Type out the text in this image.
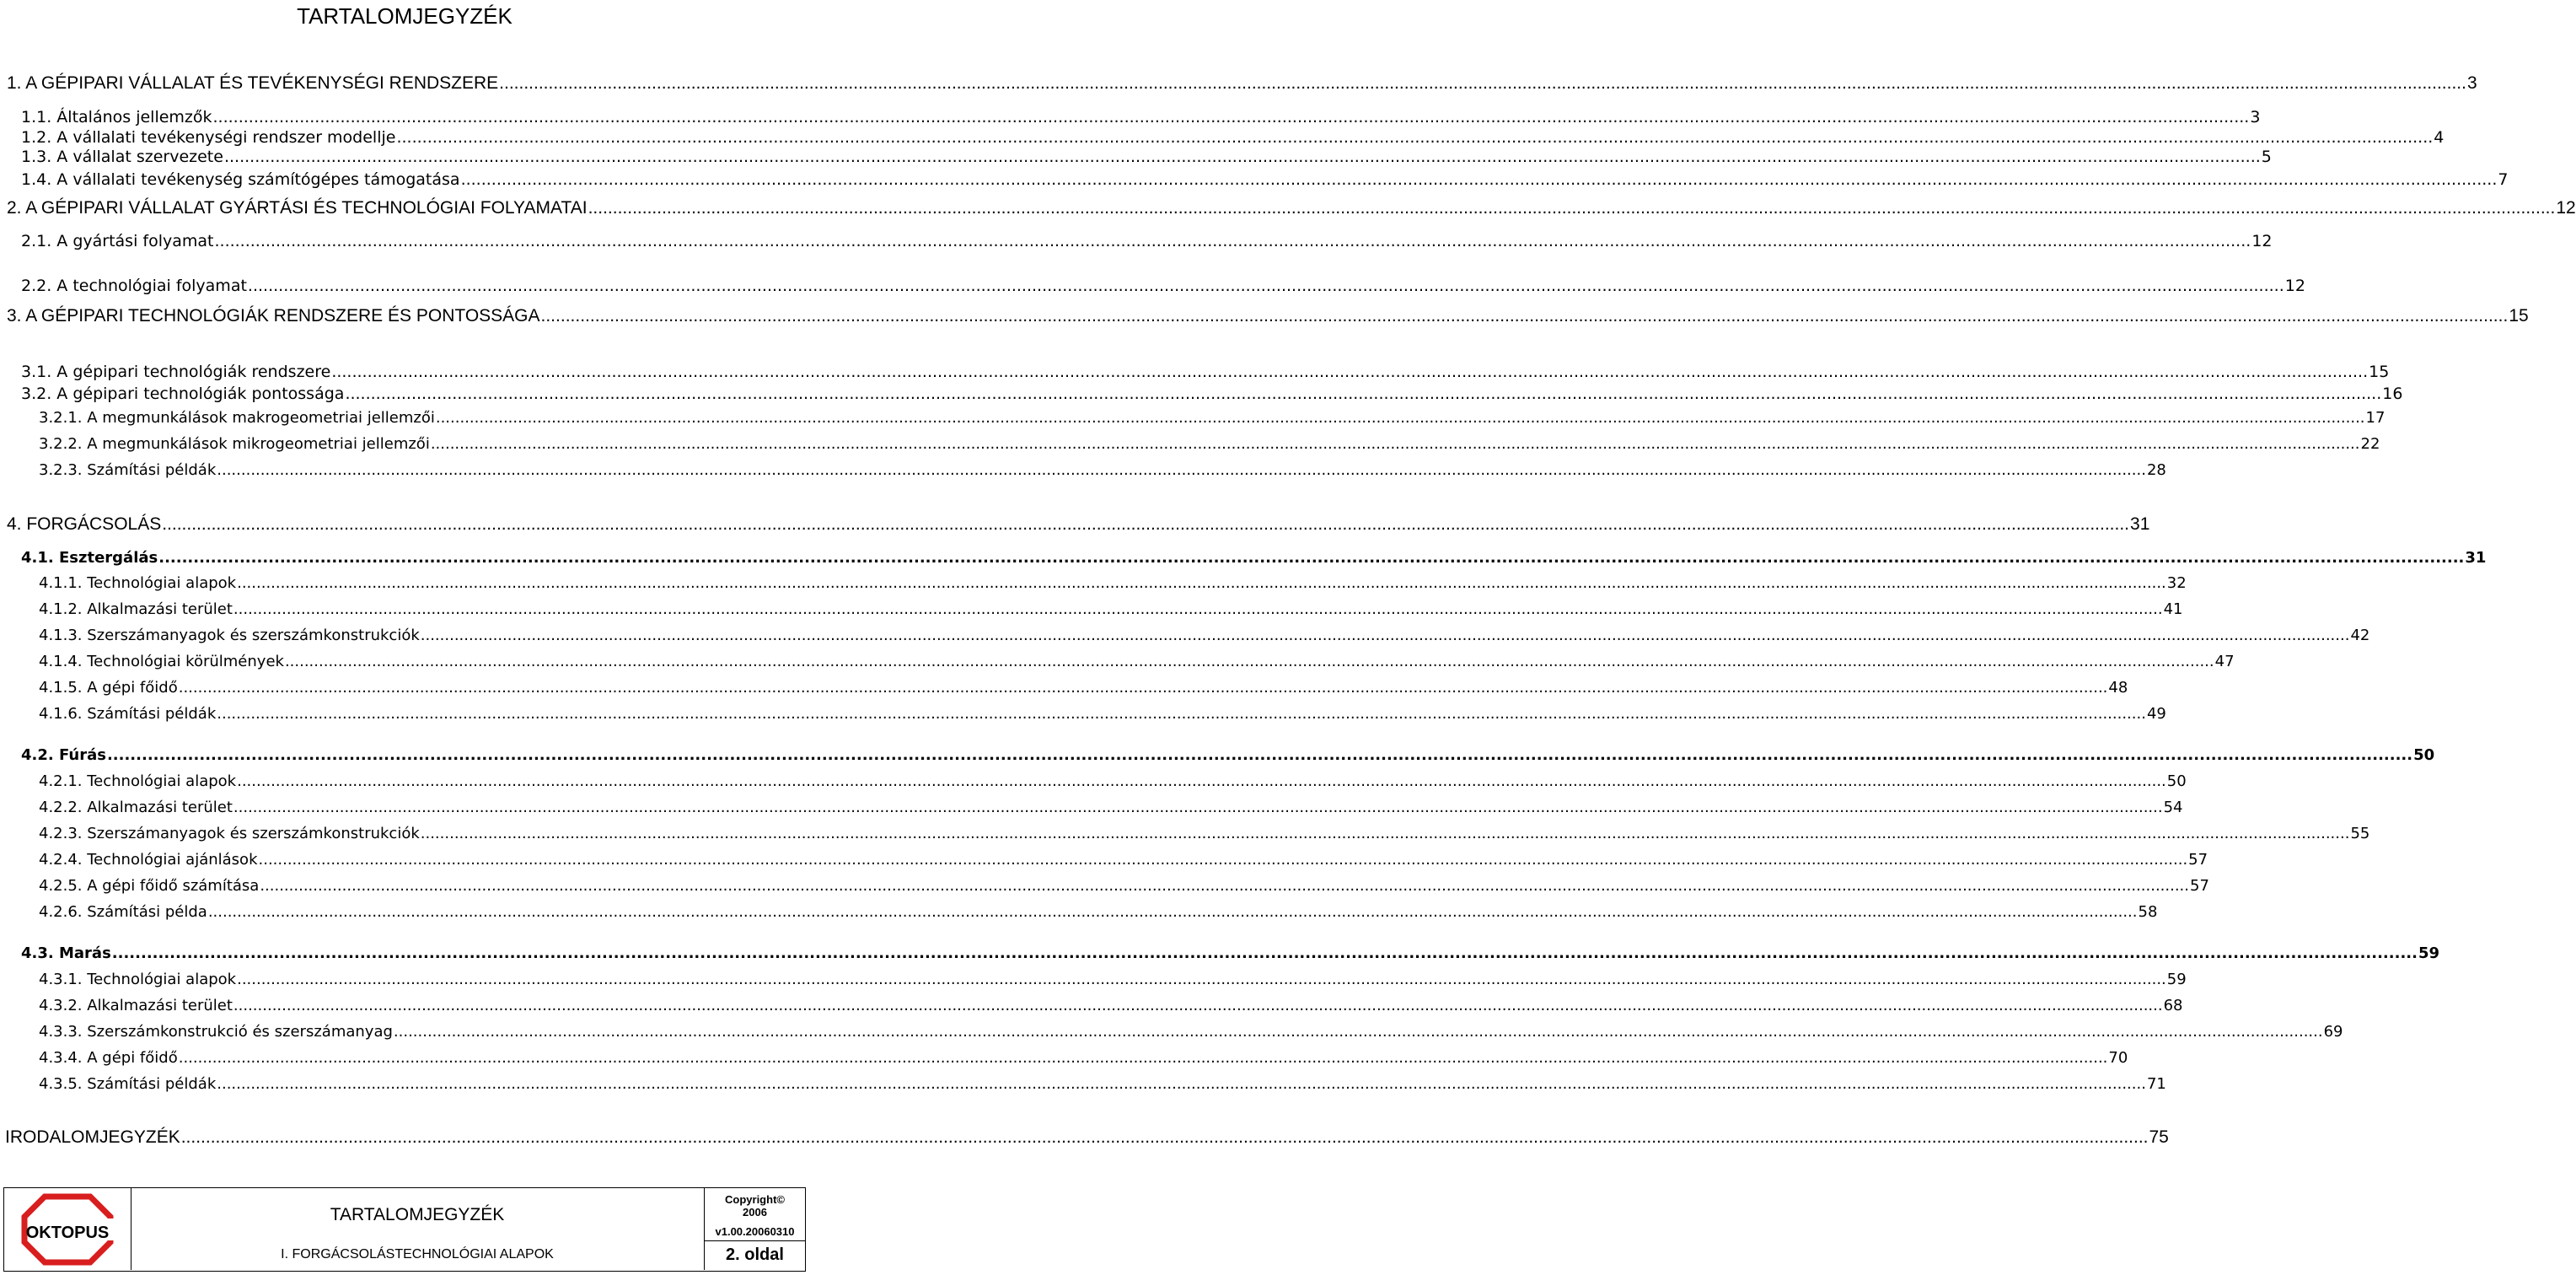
TARTALOMJEGYZÉK
1. A GÉPIPARI VÁLLALAT ÉS TEVÉKENYSÉGI RENDSZERE ................................................................................................................................................................................................................................................................................................................................................................................................................ 3
1.1. Általános jellemzők ................................................................................................................................................................................................................................................................................................................................................................................................................ 3
1.2. A vállalati tevékenységi rendszer modellje ................................................................................................................................................................................................................................................................................................................................................................................................................ 4
1.3. A vállalat szervezete ................................................................................................................................................................................................................................................................................................................................................................................................................ 5
1.4. A vállalati tevékenység számítógépes támogatása ................................................................................................................................................................................................................................................................................................................................................................................................................ 7
2. A GÉPIPARI VÁLLALAT GYÁRTÁSI ÉS TECHNOLÓGIAI FOLYAMATAI ................................................................................................................................................................................................................................................................................................................................................................................................................ 12
2.1. A gyártási folyamat ................................................................................................................................................................................................................................................................................................................................................................................................................ 12
2.2. A technológiai folyamat ................................................................................................................................................................................................................................................................................................................................................................................................................ 12
3. A GÉPIPARI TECHNOLÓGIÁK RENDSZERE ÉS PONTOSSÁGA ................................................................................................................................................................................................................................................................................................................................................................................................................ 15
3.1. A gépipari technológiák rendszere ................................................................................................................................................................................................................................................................................................................................................................................................................ 15
3.2. A gépipari technológiák pontossága ................................................................................................................................................................................................................................................................................................................................................................................................................ 16
3.2.1. A megmunkálások makrogeometriai jellemzői ................................................................................................................................................................................................................................................................................................................................................................................................................ 17
3.2.2. A megmunkálások mikrogeometriai jellemzői ................................................................................................................................................................................................................................................................................................................................................................................................................ 22
3.2.3. Számítási példák ................................................................................................................................................................................................................................................................................................................................................................................................................ 28
4. FORGÁCSOLÁS ................................................................................................................................................................................................................................................................................................................................................................................................................ 31
4.1. Esztergálás ................................................................................................................................................................................................................................................................................................................................................................................................................ 31
4.1.1. Technológiai alapok ................................................................................................................................................................................................................................................................................................................................................................................................................ 32
4.1.2. Alkalmazási terület ................................................................................................................................................................................................................................................................................................................................................................................................................ 41
4.1.3. Szerszámanyagok és szerszámkonstrukciók ................................................................................................................................................................................................................................................................................................................................................................................................................ 42
4.1.4. Technológiai körülmények ................................................................................................................................................................................................................................................................................................................................................................................................................ 47
4.1.5. A gépi főidő ................................................................................................................................................................................................................................................................................................................................................................................................................ 48
4.1.6. Számítási példák ................................................................................................................................................................................................................................................................................................................................................................................................................ 49
4.2. Fúrás ................................................................................................................................................................................................................................................................................................................................................................................................................ 50
4.2.1. Technológiai alapok ................................................................................................................................................................................................................................................................................................................................................................................................................ 50
4.2.2. Alkalmazási terület ................................................................................................................................................................................................................................................................................................................................................................................................................ 54
4.2.3. Szerszámanyagok és szerszámkonstrukciók ................................................................................................................................................................................................................................................................................................................................................................................................................ 55
4.2.4. Technológiai ajánlások ................................................................................................................................................................................................................................................................................................................................................................................................................ 57
4.2.5. A gépi főidő számítása ................................................................................................................................................................................................................................................................................................................................................................................................................ 57
4.2.6. Számítási példa ................................................................................................................................................................................................................................................................................................................................................................................................................ 58
4.3. Marás ................................................................................................................................................................................................................................................................................................................................................................................................................ 59
4.3.1. Technológiai alapok ................................................................................................................................................................................................................................................................................................................................................................................................................ 59
4.3.2. Alkalmazási terület ................................................................................................................................................................................................................................................................................................................................................................................................................ 68
4.3.3. Szerszámkonstrukció és szerszámanyag ................................................................................................................................................................................................................................................................................................................................................................................................................ 69
4.3.4. A gépi főidő ................................................................................................................................................................................................................................................................................................................................................................................................................ 70
4.3.5. Számítási példák ................................................................................................................................................................................................................................................................................................................................................................................................................ 71
IRODALOMJEGYZÉK ................................................................................................................................................................................................................................................................................................................................................................................................................ 75
OKTOPUS
TARTALOMJEGYZÉK
I. FORGÁCSOLÁSTECHNOLÓGIAI ALAPOK
Copyright©
2006
v1.00.20060310
2. oldal
